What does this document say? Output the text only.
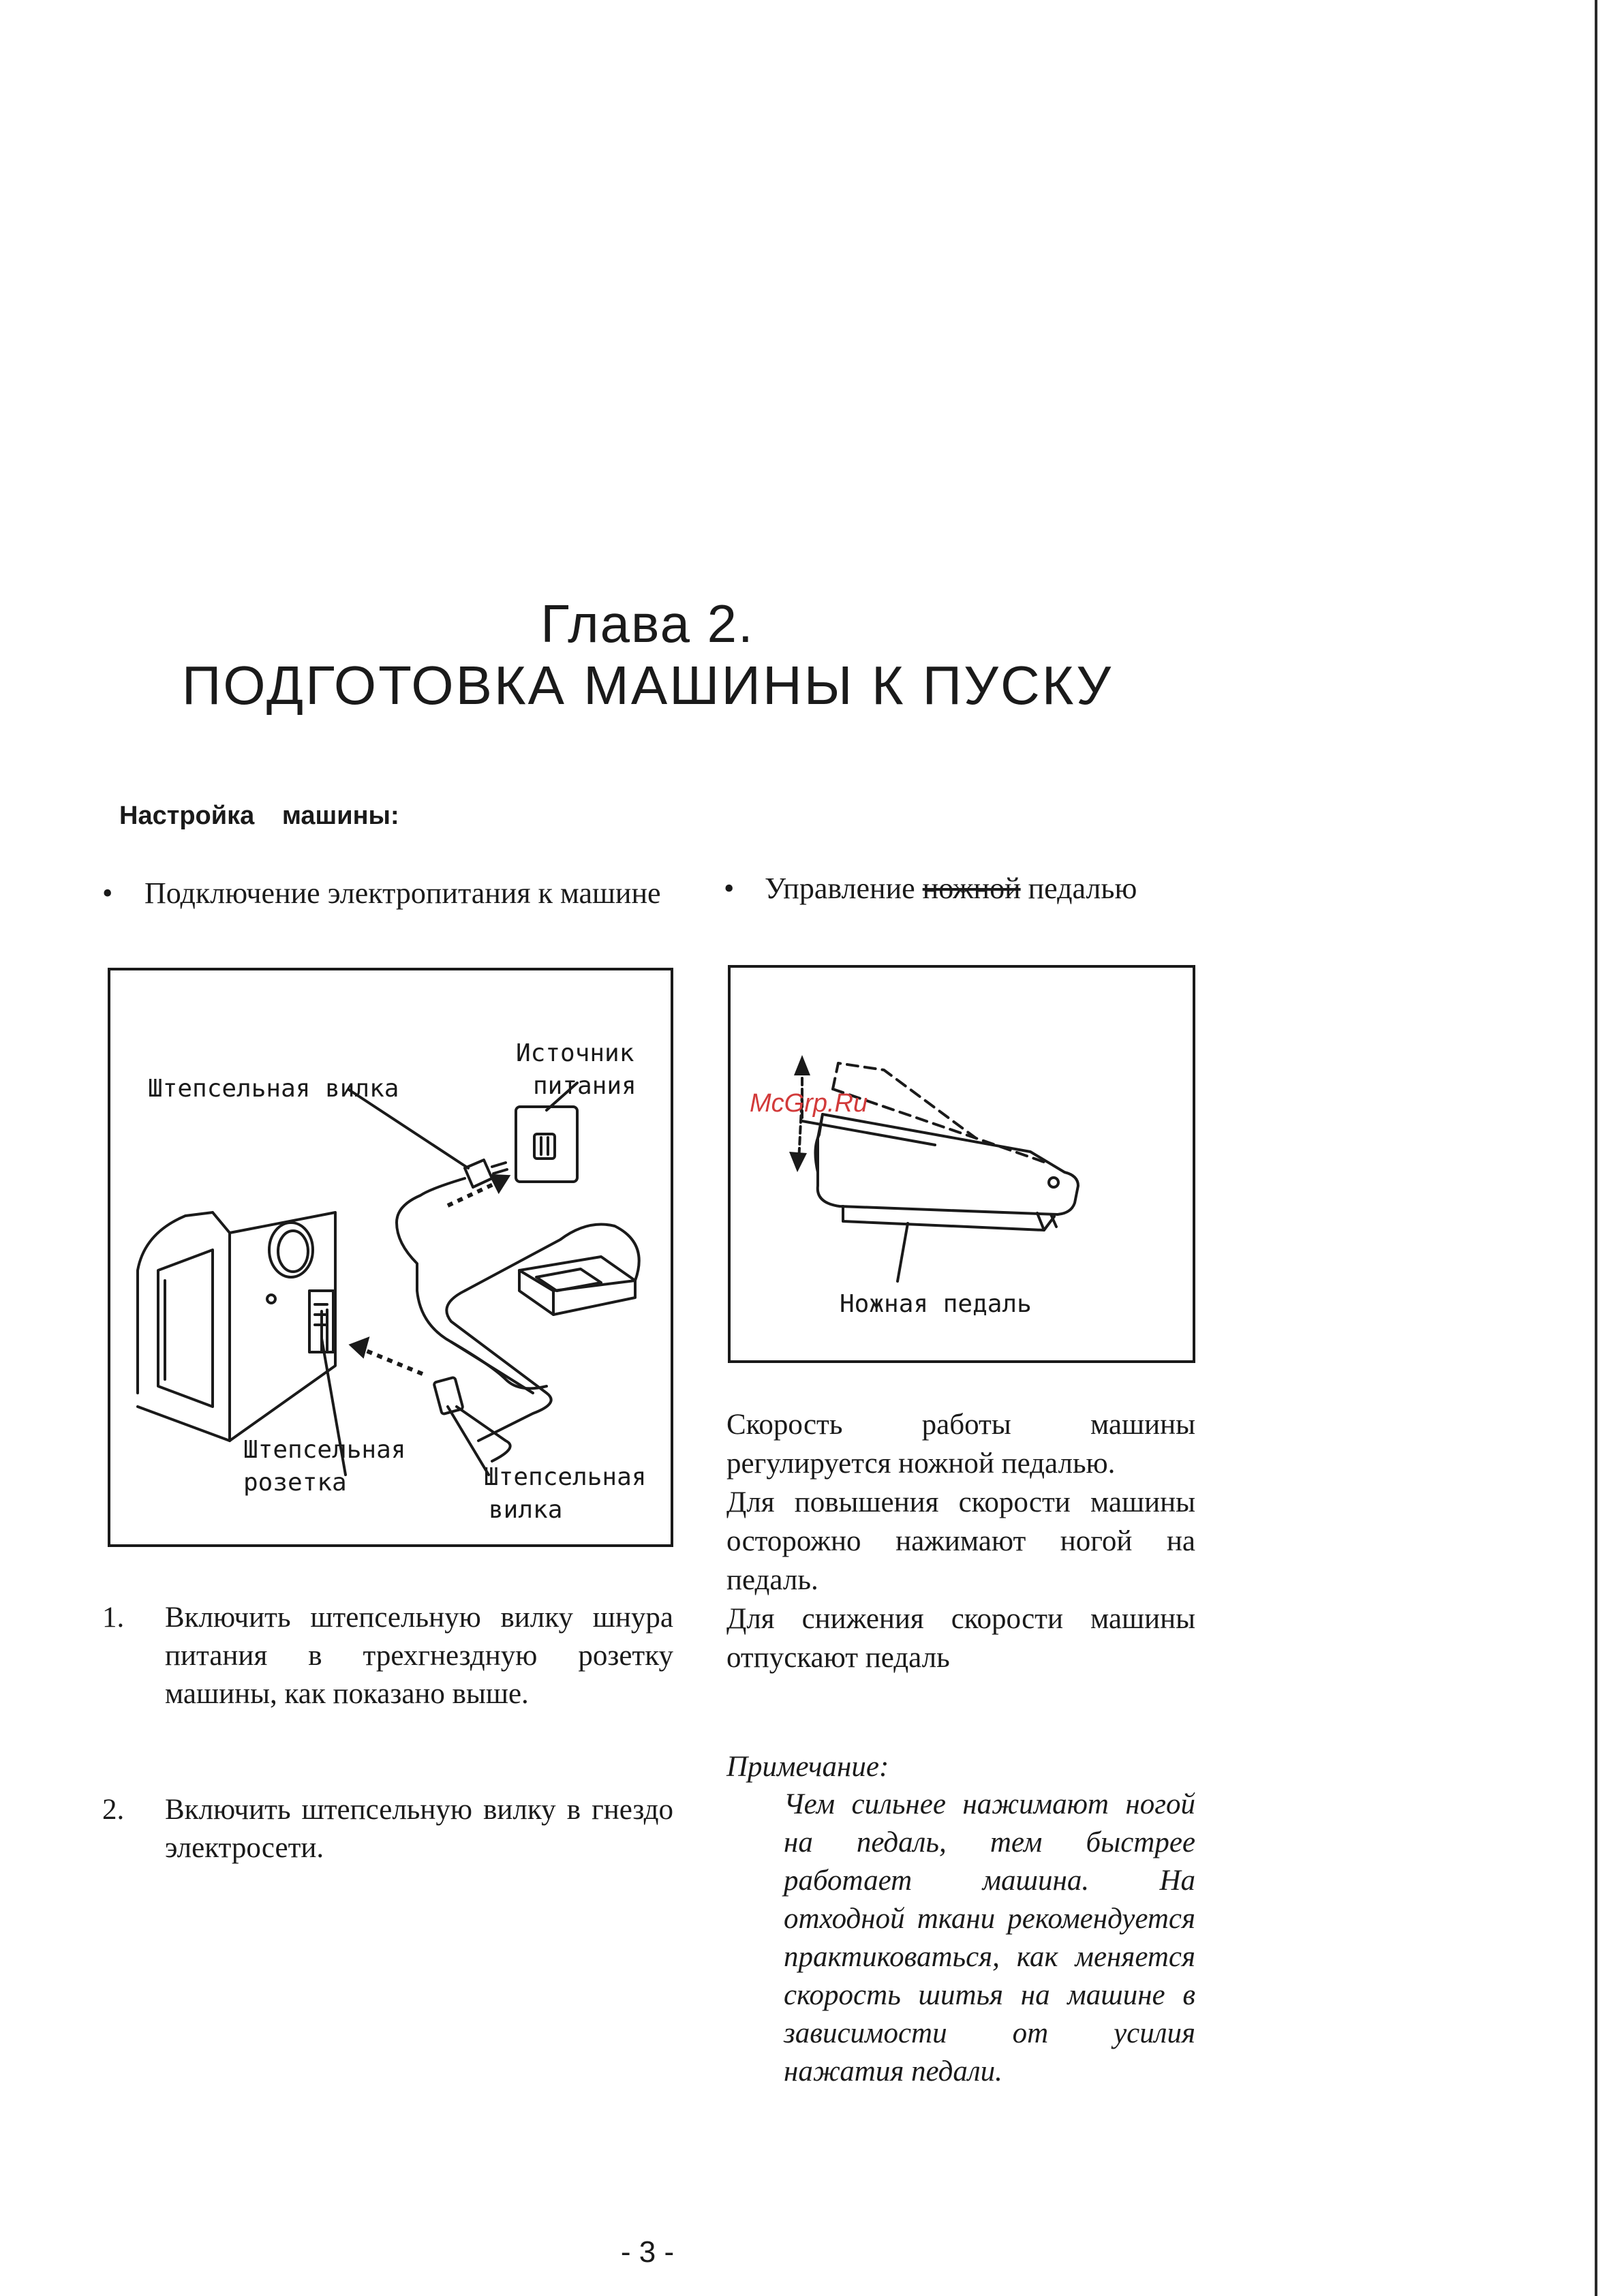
Глава 2.
ПОДГОТОВКА МАШИНЫ К ПУСКУ
Настройка машины:
• Подключение электропитания к машине	• Управление ножной педалью
Штепсельная вилка
Источник
питания
Штепсельная
розетка	Штепсельная
вилка
McGrp.Ru
Ножная педаль
1. Включить штепсельную вилку шнура питания в трехгнездную розетку машины, как показано выше.
2. Включить штепсельную вилку в гнездо электросети.

Скорость работы машины регулируется ножной педалью.

Для повышения скорости машины осторожно нажимают ногой на педаль.

Для снижения скорости машины отпускают педаль

Примечание:
Чем сильнее нажимают ногой на педаль, тем быстрее работает машина. На отходной ткани рекомендуется практиковаться, как меняется скорость шитья на машине в зависимости от усилия нажатия педали.
- 3 -
